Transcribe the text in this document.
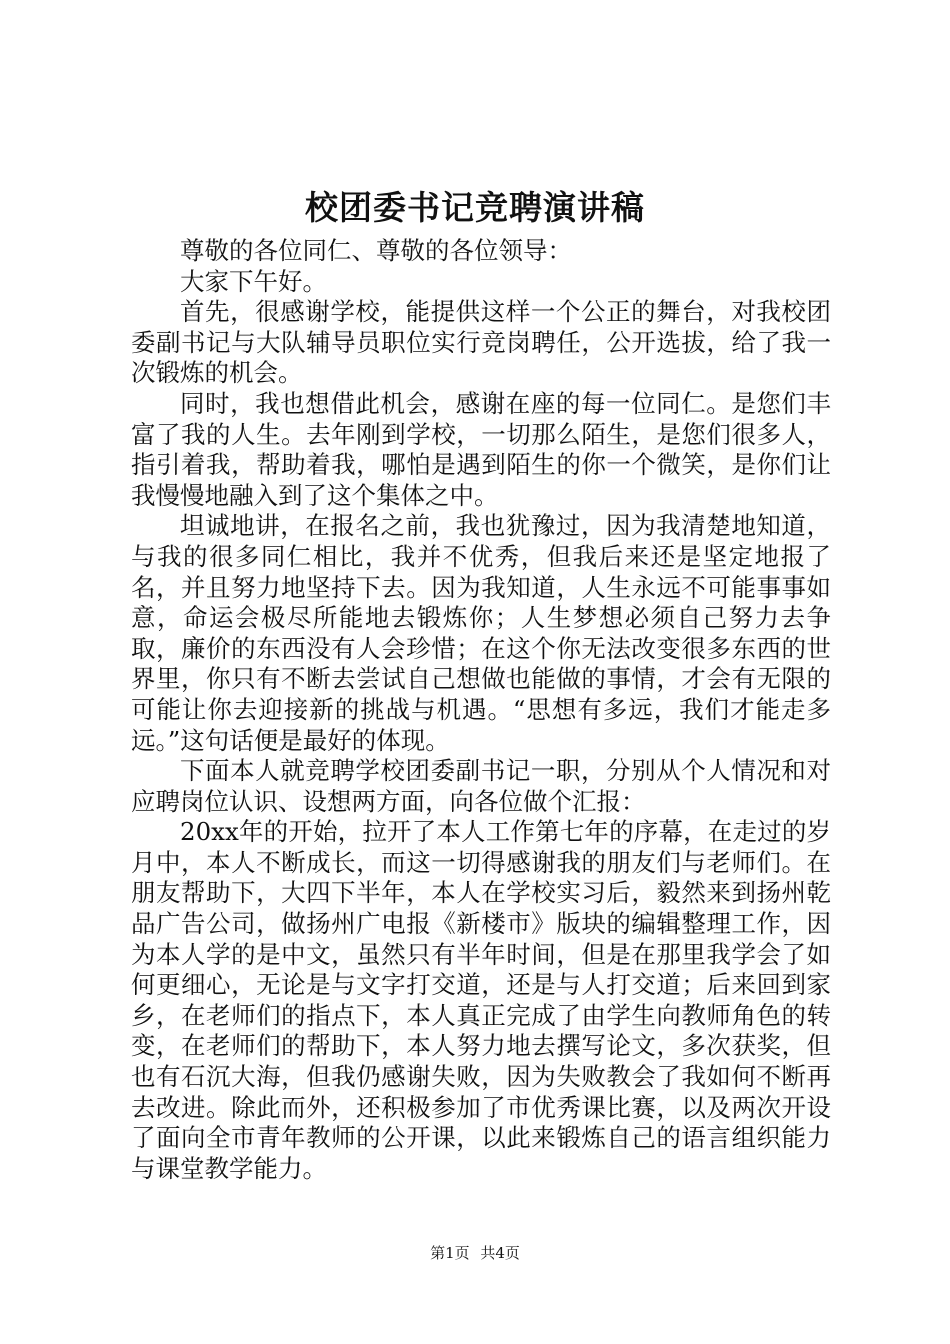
校团委书记竞聘演讲稿

尊敬的各位同仁、尊敬的各位领导：

大家下午好。

首先，很感谢学校，能提供这样一个公正的舞台，对我校团委副书记与大队辅导员职位实行竞岗聘任，公开选拔，给了我一次锻炼的机会。

同时，我也想借此机会，感谢在座的每一位同仁。是您们丰富了我的人生。去年刚到学校，一切那么陌生，是您们很多人，指引着我，帮助着我，哪怕是遇到陌生的你一个微笑，是你们让我慢慢地融入到了这个集体之中。

坦诚地讲，在报名之前，我也犹豫过，因为我清楚地知道，与我的很多同仁相比，我并不优秀，但我后来还是坚定地报了名，并且努力地坚持下去。因为我知道，人生永远不可能事事如意，命运会极尽所能地去锻炼你；人生梦想必须自己努力去争取，廉价的东西没有人会珍惜；在这个你无法改变很多东西的世界里，你只有不断去尝试自己想做也能做的事情，才会有无限的可能让你去迎接新的挑战与机遇。“思想有多远，我们才能走多远。”这句话便是最好的体现。

下面本人就竞聘学校团委副书记一职，分别从个人情况和对应聘岗位认识、设想两方面，向各位做个汇报：

20xx年的开始，拉开了本人工作第七年的序幕，在走过的岁月中，本人不断成长，而这一切得感谢我的朋友们与老师们。在朋友帮助下，大四下半年，本人在学校实习后，毅然来到扬州乾品广告公司，做扬州广电报《新楼市》版块的编辑整理工作，因为本人学的是中文，虽然只有半年时间，但是在那里我学会了如何更细心，无论是与文字打交道，还是与人打交道；后来回到家乡，在老师们的指点下，本人真正完成了由学生向教师角色的转变，在老师们的帮助下，本人努力地去撰写论文，多次获奖，但也有石沉大海，但我仍感谢失败，因为失败教会了我如何不断再去改进。除此而外，还积极参加了市优秀课比赛，以及两次开设了面向全市青年教师的公开课，以此来锻炼自己的语言组织能力与课堂教学能力。

第1页 共4页
